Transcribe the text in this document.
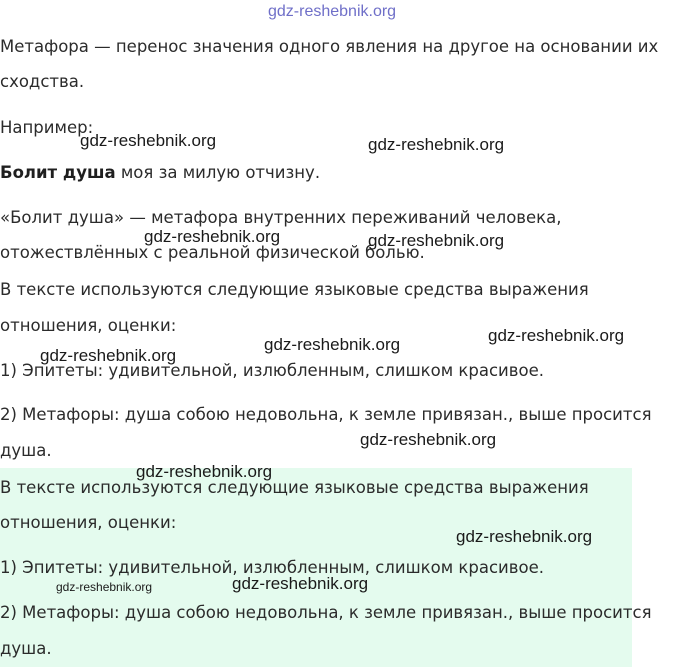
Метафора — перенос значения одного явления на другое на основании их
сходства.
Например:
Болит душа моя за милую отчизну.
«Болит душа» — метафора внутренних переживаний человека,
отожествлённых с реальной физической болью.
В тексте используются следующие языковые средства выражения
отношения, оценки:
1) Эпитеты: удивительной, излюбленным, слишком красивое.
2) Метафоры: душа собою недовольна, к земле привязан., выше просится
душа.
В тексте используются следующие языковые средства выражения
отношения, оценки:
1) Эпитеты: удивительной, излюбленным, слишком красивое.
2) Метафоры: душа собою недовольна, к земле привязан., выше просится
душа.
gdz-reshebnik.org
gdz-reshebnik.org	gdz-reshebnik.org
gdz-reshebnik.org	gdz-reshebnik.org
gdz-reshebnik.org
gdz-reshebnik.org
gdz-reshebnik.org
gdz-reshebnik.org
gdz-reshebnik.org
gdz-reshebnik.org
gdz-reshebnik.org
gdz-reshebnik.org
